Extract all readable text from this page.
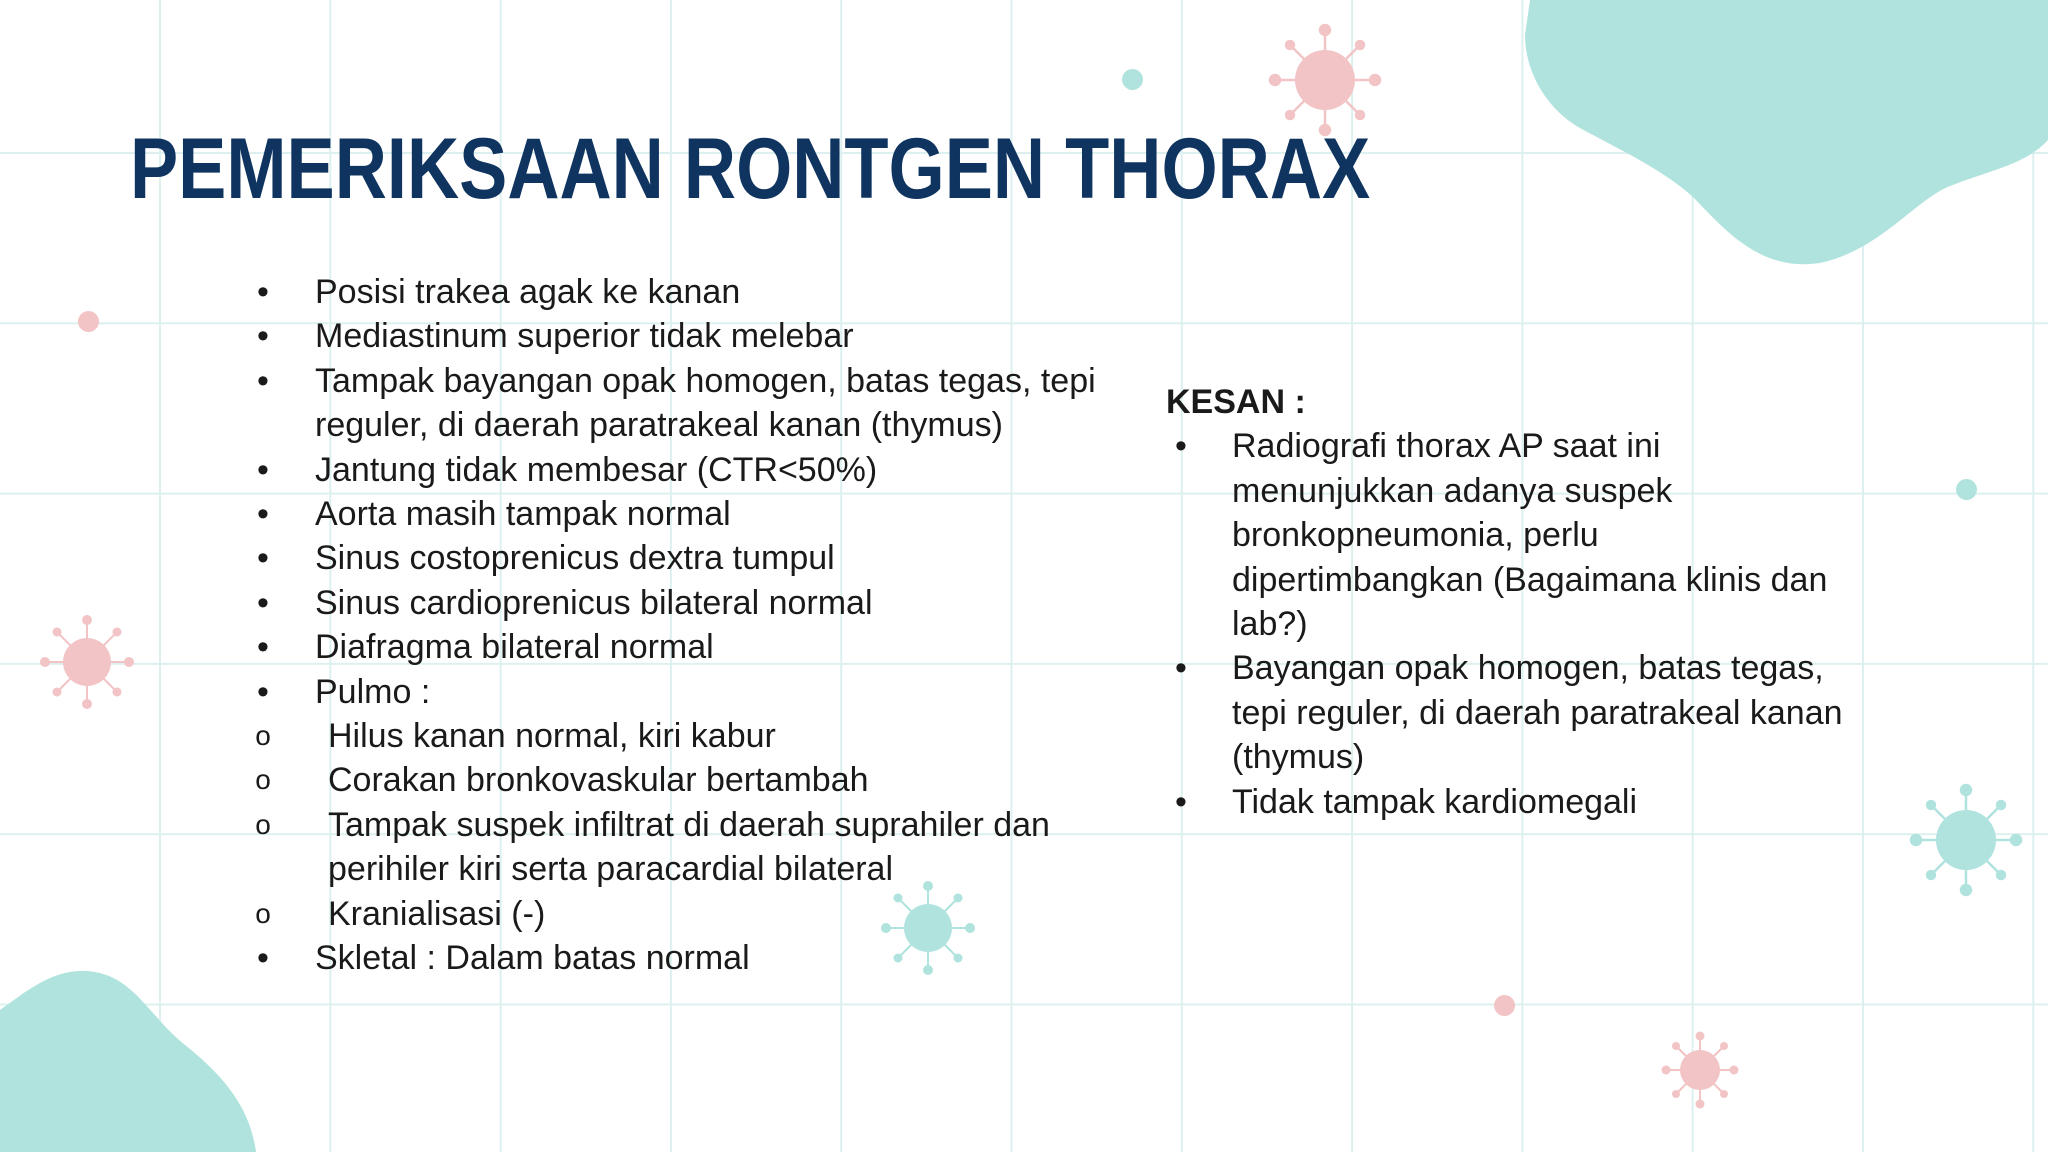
PEMERIKSAAN RONTGEN THORAX
•	Posisi trakea agak ke kanan
•	Mediastinum superior tidak melebar
•	Tampak bayangan opak homogen, batas tegas, tepi reguler, di daerah paratrakeal kanan (thymus)
•	Jantung tidak membesar (CTR<50%)
•	Aorta masih tampak normal
•	Sinus costoprenicus dextra tumpul
•	Sinus cardioprenicus bilateral normal
•	Diafragma bilateral normal
•	Pulmo :
o	Hilus kanan normal, kiri kabur
o	Corakan bronkovaskular bertambah
o	Tampak suspek infiltrat di daerah suprahiler dan perihiler kiri serta paracardial bilateral
o	Kranialisasi (-)
•	Skletal : Dalam batas normal
KESAN :
•	Radiografi thorax AP saat ini menunjukkan adanya suspek bronkopneumonia, perlu dipertimbangkan (Bagaimana klinis dan lab?)
•	Bayangan opak homogen, batas tegas, tepi reguler, di daerah paratrakeal kanan (thymus)
•	Tidak tampak kardiomegali
